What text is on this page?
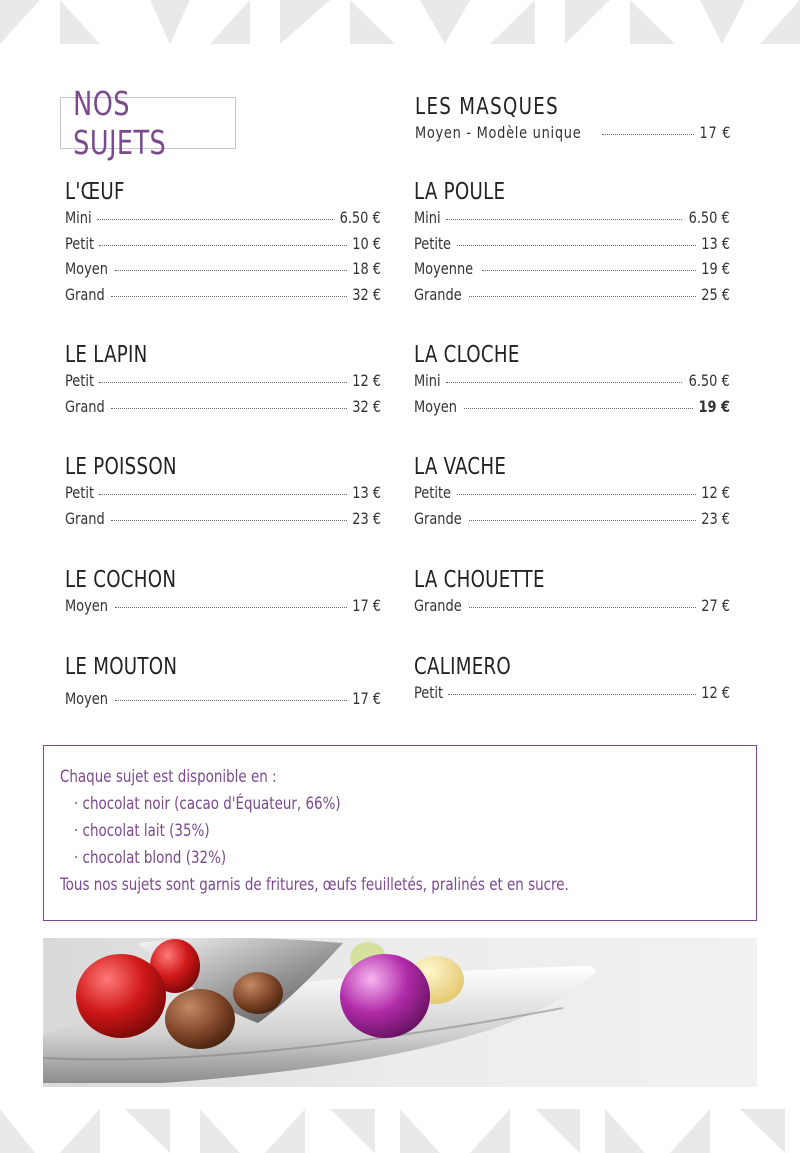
NOS SUJETS
L'ŒUF
Mini	6.50 €
Petit	10 €
Moyen	18 €
Grand	32 €
LE LAPIN
Petit	12 €
Grand	32 €
LE POISSON
Petit	13 €
Grand	23 €
LE COCHON
Moyen	17 €
LE MOUTON
Moyen	17 €
LES MASQUES
Moyen - Modèle unique	17 €
LA POULE
Mini	6.50 €
Petite	13 €
Moyenne	19 €
Grande	25 €
LA CLOCHE
Mini	6.50 €
Moyen	19 €
LA VACHE
Petite	12 €
Grande	23 €
LA CHOUETTE
Grande	27 €
CALIMERO
Petit	12 €
Chaque sujet est disponible en :
· chocolat noir (cacao d'Équateur, 66%)
· chocolat lait (35%)
· chocolat blond (32%)
Tous nos sujets sont garnis de fritures, œufs feuilletés, pralinés et en sucre.
